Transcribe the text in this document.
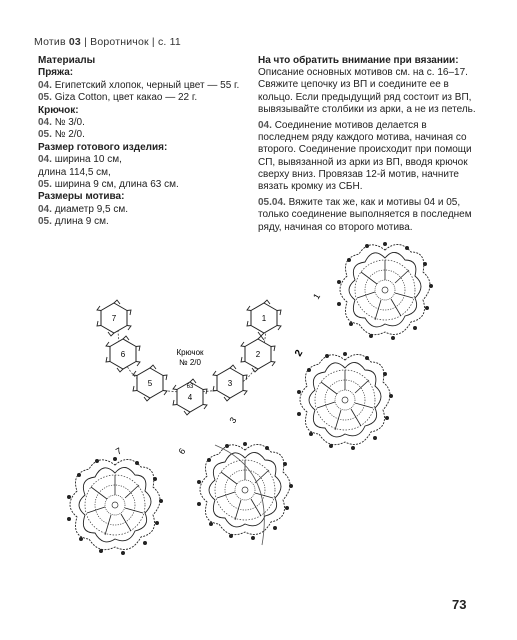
Мотив 03 | Воротничок | с. 11

Материалы

Пряжа:

04. Египетский хлопок, черный цвет — 55 г.

05. Giza Cotton, цвет какао — 22 г.

Крючок:

04. № 3/0.

05. № 2/0.

Размер готового изделия:

04. ширина 10 см,

длина 114,5 см,

05. ширина 9 см, длина 63 см.

Размеры мотива:

04. диаметр 9,5 см.

05. длина 9 см.

На что обратить внимание при вязании:

Описание основных мотивов см. на с. 16–17. Свяжите цепочку из ВП и соедините ее в кольцо. Если предыдущий ряд состоит из ВП, вывязывайте столбики из арки, а не из петель.

04. Соединение мотивов делается в последнем ряду каждого мотива, начиная со второго. Соединение происходит при помощи СП, вывязанной из арки из ВП, вводя крючок сверху вниз. Провязав 12-й мотив, начните вязать кромку из СБН.

05.04. Вяжите так же, как и мотивы 04 и 05, только соединение выполняется в последнем ряду, начиная со второго мотива.

7
6
5
4
3
2
1
Крючок
№ 2/0
63
1
2
3
6
7
73
